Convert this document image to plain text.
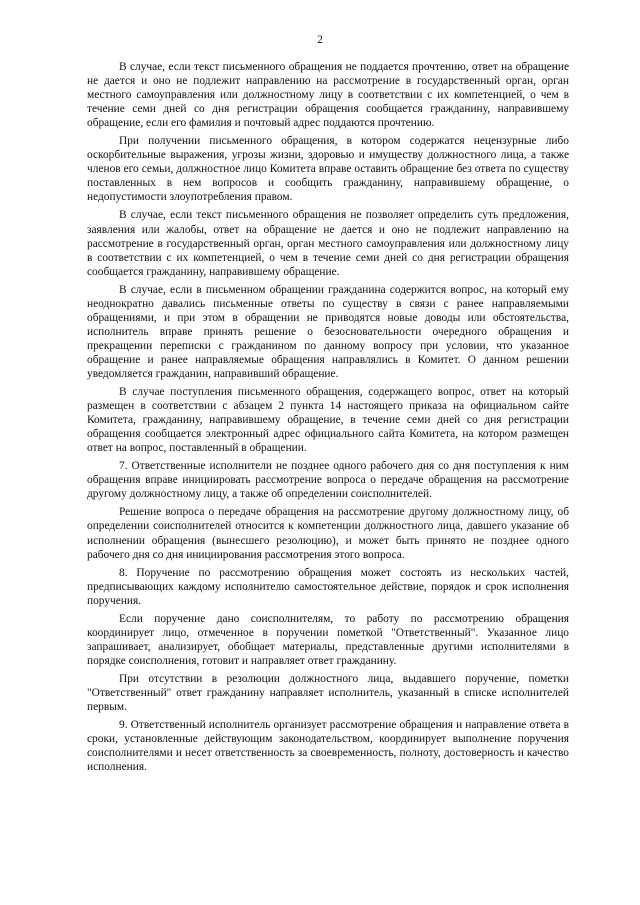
2

В случае, если текст письменного обращения не поддается прочтению, ответ на обращение не дается и оно не подлежит направлению на рассмотрение в государственный орган, орган местного самоуправления или должностному лицу в соответствии с их компетенцией, о чем в течение семи дней со дня регистрации обращения сообщается гражданину, направившему обращение, если его фамилия и почтовый адрес поддаются прочтению.

При получении письменного обращения, в котором содержатся нецензурные либо оскорбительные выражения, угрозы жизни, здоровью и имуществу должностного лица, а также членов его семьи, должностное лицо Комитета вправе оставить обращение без ответа по существу поставленных в нем вопросов и сообщить гражданину, направившему обращение, о недопустимости злоупотребления правом.

В случае, если текст письменного обращения не позволяет определить суть предложения, заявления или жалобы, ответ на обращение не дается и оно не подлежит направлению на рассмотрение в государственный орган, орган местного самоуправления или должностному лицу в соответствии с их компетенцией, о чем в течение семи дней со дня регистрации обращения сообщается гражданину, направившему обращение.

В случае, если в письменном обращении гражданина содержится вопрос, на который ему неоднократно давались письменные ответы по существу в связи с ранее направляемыми обращениями, и при этом в обращении не приводятся новые доводы или обстоятельства, исполнитель вправе принять решение о безосновательности очередного обращения и прекращении переписки с гражданином по данному вопросу при условии, что указанное обращение и ранее направляемые обращения направлялись в Комитет. О данном решении уведомляется гражданин, направивший обращение.

В случае поступления письменного обращения, содержащего вопрос, ответ на который размещен в соответствии с абзацем 2 пункта 14 настоящего приказа на официальном сайте Комитета, гражданину, направившему обращение, в течение семи дней со дня регистрации обращения сообщается электронный адрес официального сайта Комитета, на котором размещен ответ на вопрос, поставленный в обращении.

7. Ответственные исполнители не позднее одного рабочего дня со дня поступления к ним обращения вправе инициировать рассмотрение вопроса о передаче обращения на рассмотрение другому должностному лицу, а также об определении соисполнителей.

Решение вопроса о передаче обращения на рассмотрение другому должностному лицу, об определении соисполнителей относится к компетенции должностного лица, давшего указание об исполнении обращения (вынесшего резолюцию), и может быть принято не позднее одного рабочего дня со дня инициирования рассмотрения этого вопроса.

8. Поручение по рассмотрению обращения может состоять из нескольких частей, предписывающих каждому исполнителю самостоятельное действие, порядок и срок исполнения поручения.

Если поручение дано соисполнителям, то работу по рассмотрению обращения координирует лицо, отмеченное в поручении пометкой "Ответственный". Указанное лицо запрашивает, анализирует, обобщает материалы, представленные другими исполнителями в порядке соисполнения, готовит и направляет ответ гражданину.

При отсутствии в резолюции должностного лица, выдавшего поручение, пометки "Ответственный" ответ гражданину направляет исполнитель, указанный в списке исполнителей первым.

9. Ответственный исполнитель организует рассмотрение обращения и направление ответа в сроки, установленные действующим законодательством, координирует выполнение поручения соисполнителями и несет ответственность за своевременность, полноту, достоверность и качество исполнения.
